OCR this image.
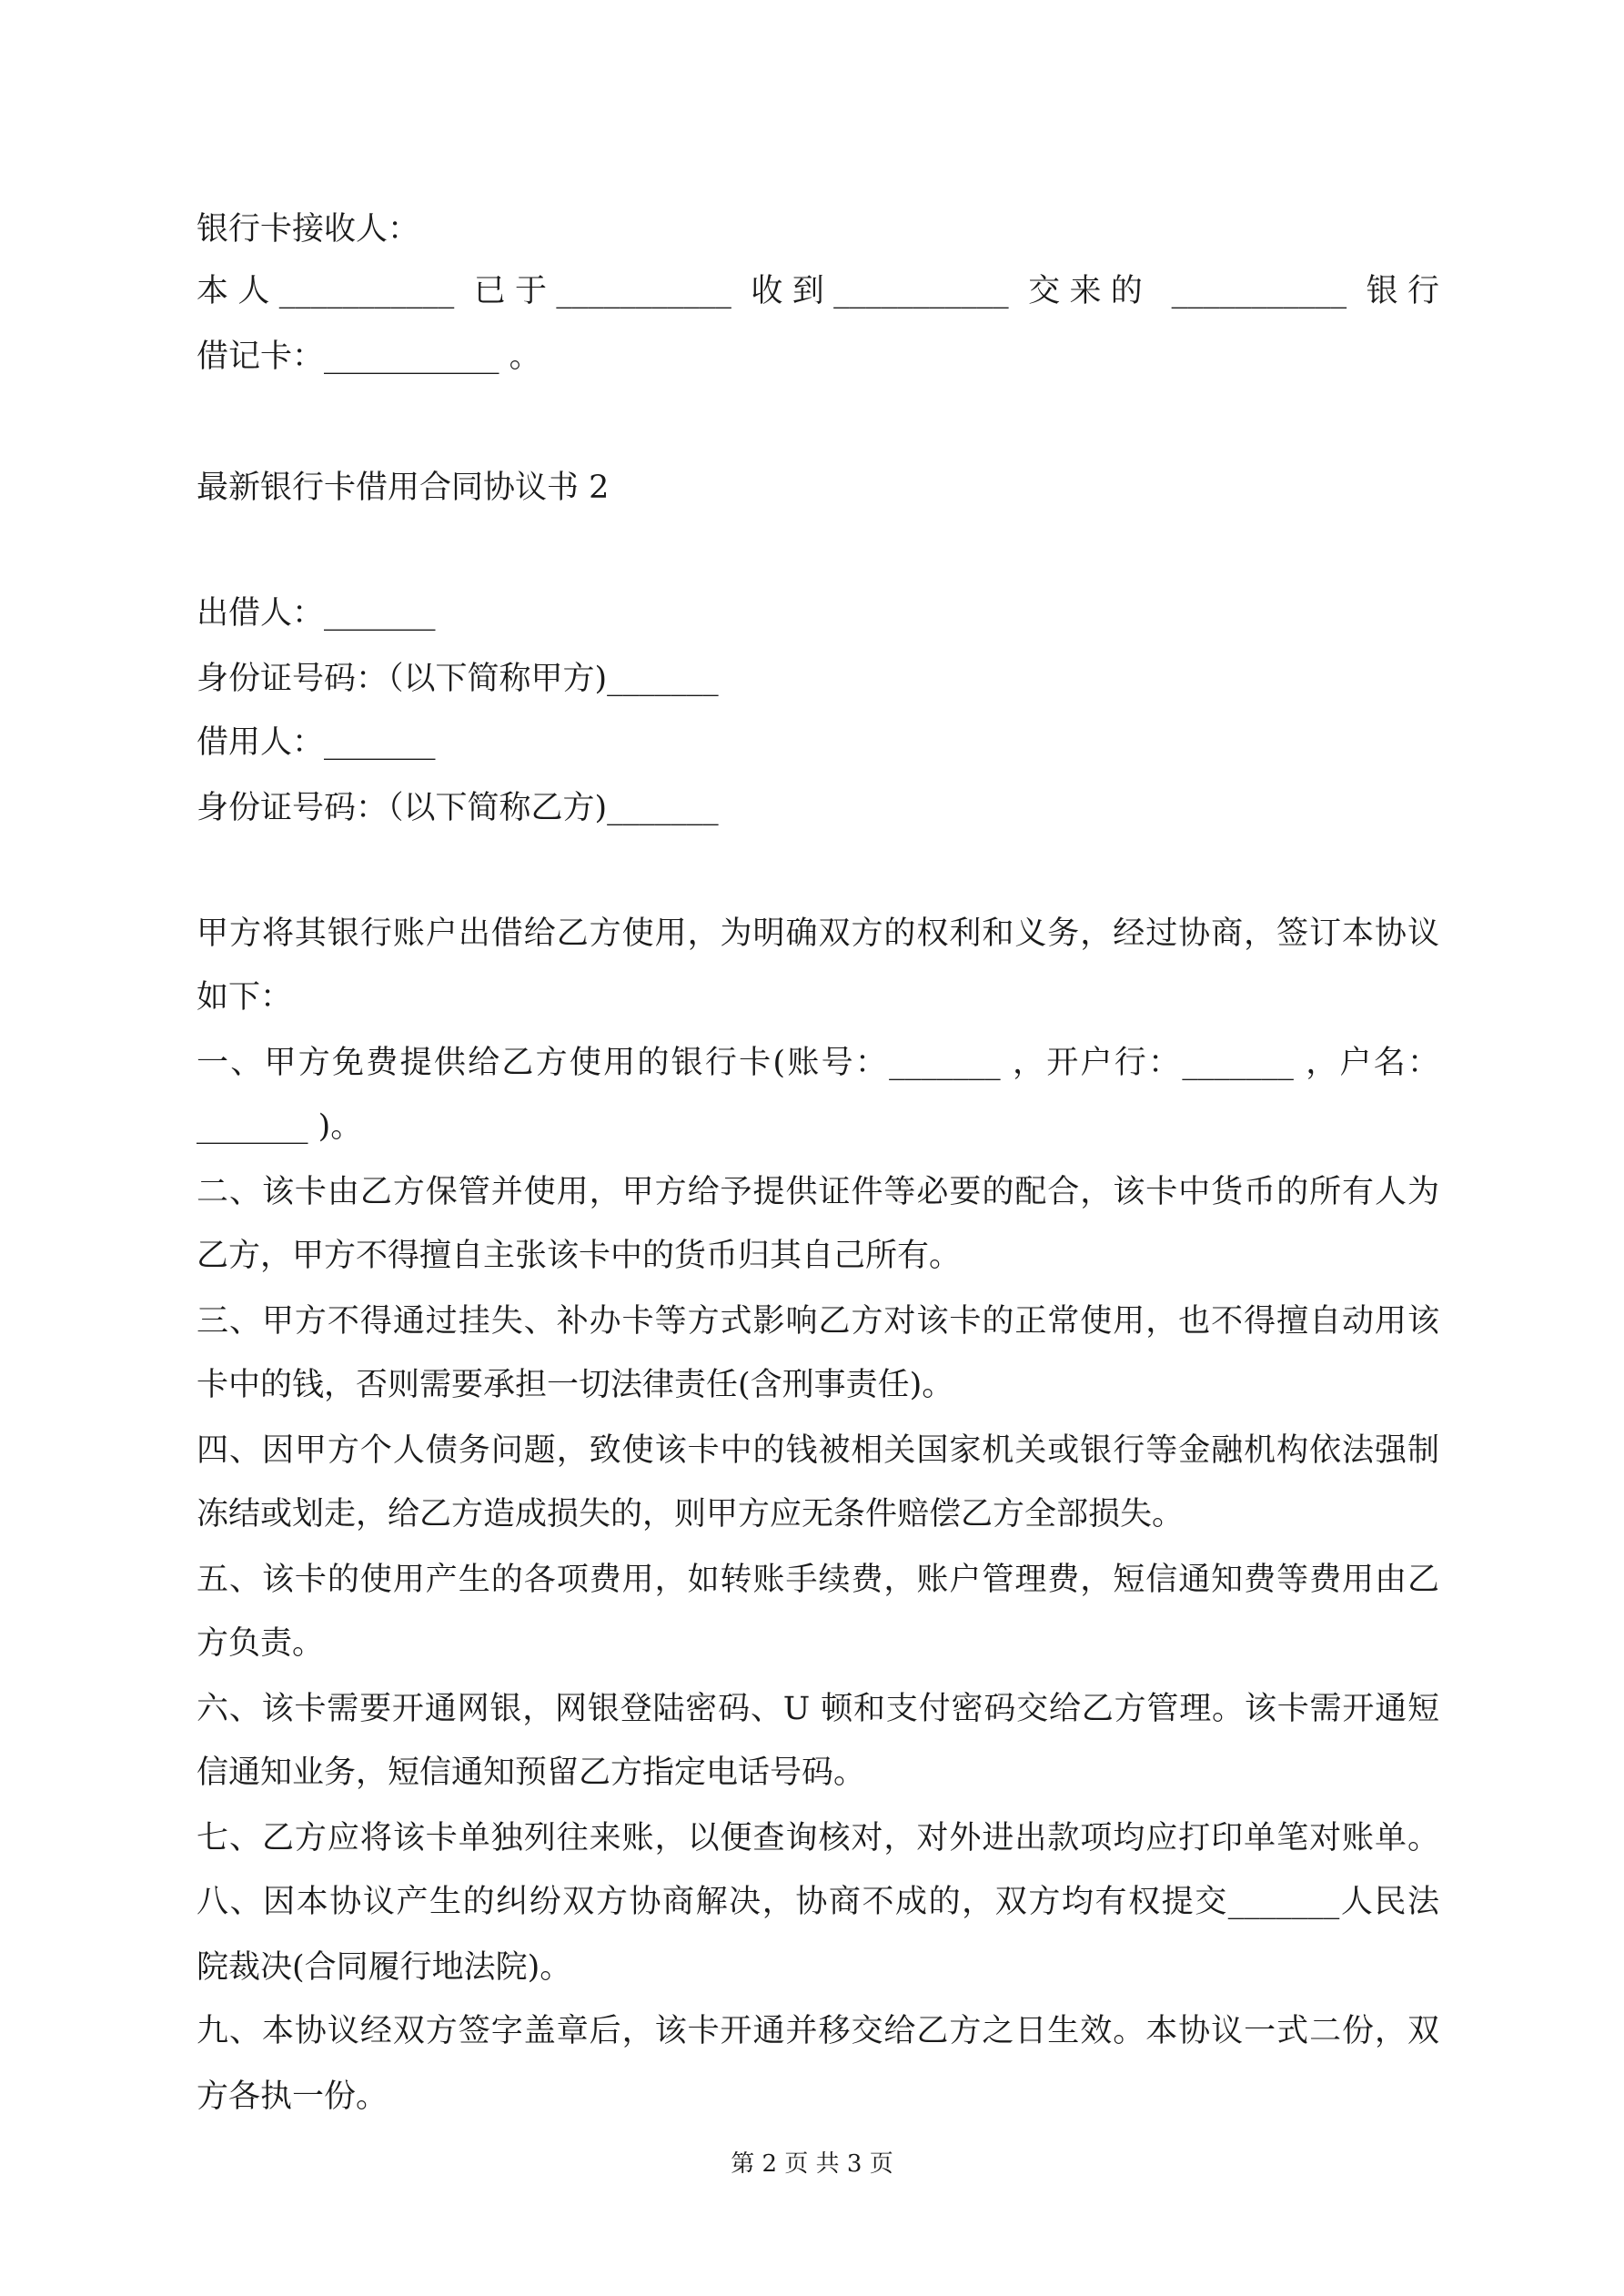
银行卡接收人：
本人___________ 已于___________ 收到___________ 交来的 ___________ 银行
借记卡：___________ 。
最新银行卡借用合同协议书 2
出借人：_______
身份证号码：（以下简称甲方)_______
借用人：_______
身份证号码：（以下简称乙方)_______
甲方将其银行账户出借给乙方使用，为明确双方的权利和义务，经过协商，签订本协议
如下：
一、甲方免费提供给乙方使用的银行卡(账号：_______ ，开户行：_______ ，户名：
_______ )。
二、该卡由乙方保管并使用，甲方给予提供证件等必要的配合，该卡中货币的所有人为
乙方，甲方不得擅自主张该卡中的货币归其自己所有。
三、甲方不得通过挂失、补办卡等方式影响乙方对该卡的正常使用，也不得擅自动用该
卡中的钱，否则需要承担一切法律责任(含刑事责任)。
四、因甲方个人债务问题，致使该卡中的钱被相关国家机关或银行等金融机构依法强制
冻结或划走，给乙方造成损失的，则甲方应无条件赔偿乙方全部损失。
五、该卡的使用产生的各项费用，如转账手续费，账户管理费，短信通知费等费用由乙
方负责。
六、该卡需要开通网银，网银登陆密码、U 顿和支付密码交给乙方管理。该卡需开通短
信通知业务，短信通知预留乙方指定电话号码。
七、乙方应将该卡单独列往来账，以便查询核对，对外进出款项均应打印单笔对账单。
八、因本协议产生的纠纷双方协商解决，协商不成的，双方均有权提交_______人民法
院裁决(合同履行地法院)。
九、本协议经双方签字盖章后，该卡开通并移交给乙方之日生效。本协议一式二份，双
方各执一份。
第 2 页 共 3 页
